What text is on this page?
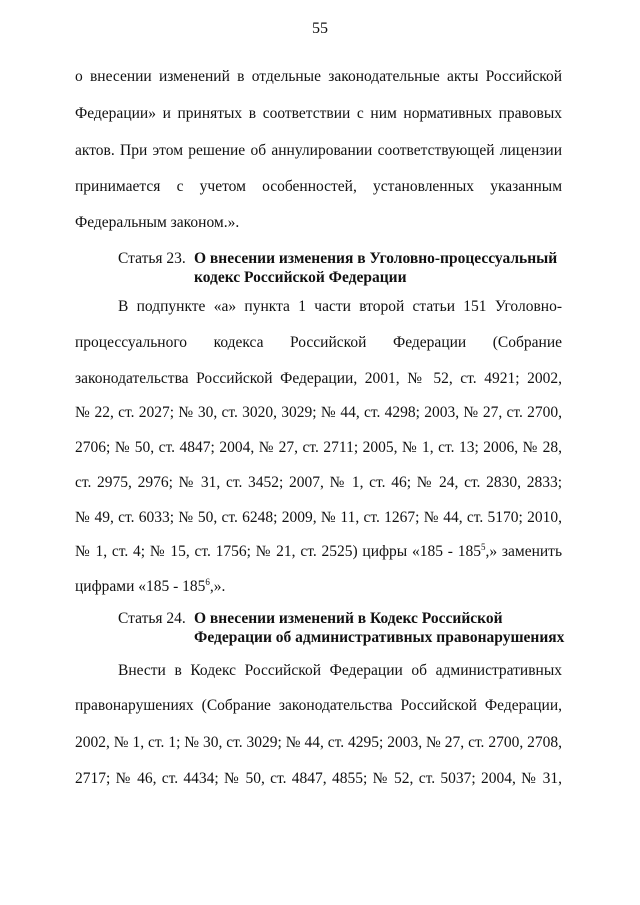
55
о внесении изменений в отдельные законодательные акты Российской
Федерации» и принятых в соответствии с ним нормативных правовых
актов. При этом решение об аннулировании соответствующей лицензии
принимается с учетом особенностей, установленных указанным
Федеральным законом.».
Статья 23. О внесении изменения в Уголовно-процессуальный
кодекс Российской Федерации
В подпункте «а» пункта 1 части второй статьи 151 Уголовно-
процессуального кодекса Российской Федерации (Собрание
законодательства Российской Федерации, 2001, № 52, ст. 4921; 2002,
№ 22, ст. 2027; № 30, ст. 3020, 3029; № 44, ст. 4298; 2003, № 27, ст. 2700,
2706; № 50, ст. 4847; 2004, № 27, ст. 2711; 2005, № 1, ст. 13; 2006, № 28,
ст. 2975, 2976; № 31, ст. 3452; 2007, № 1, ст. 46; № 24, ст. 2830, 2833;
№ 49, ст. 6033; № 50, ст. 6248; 2009, № 11, ст. 1267; № 44, ст. 5170; 2010,
№ 1, ст. 4; № 15, ст. 1756; № 21, ст. 2525) цифры «$185 - 185^5$,» заменить
цифрами «$185 - 185^6$,».
Статья 24. О внесении изменений в Кодекс Российской
Федерации об административных правонарушениях
Внести в Кодекс Российской Федерации об административных
правонарушениях (Собрание законодательства Российской Федерации,
2002, № 1, ст. 1; № 30, ст. 3029; № 44, ст. 4295; 2003, № 27, ст. 2700, 2708,
2717; № 46, ст. 4434; № 50, ст. 4847, 4855; № 52, ст. 5037; 2004, № 31,
